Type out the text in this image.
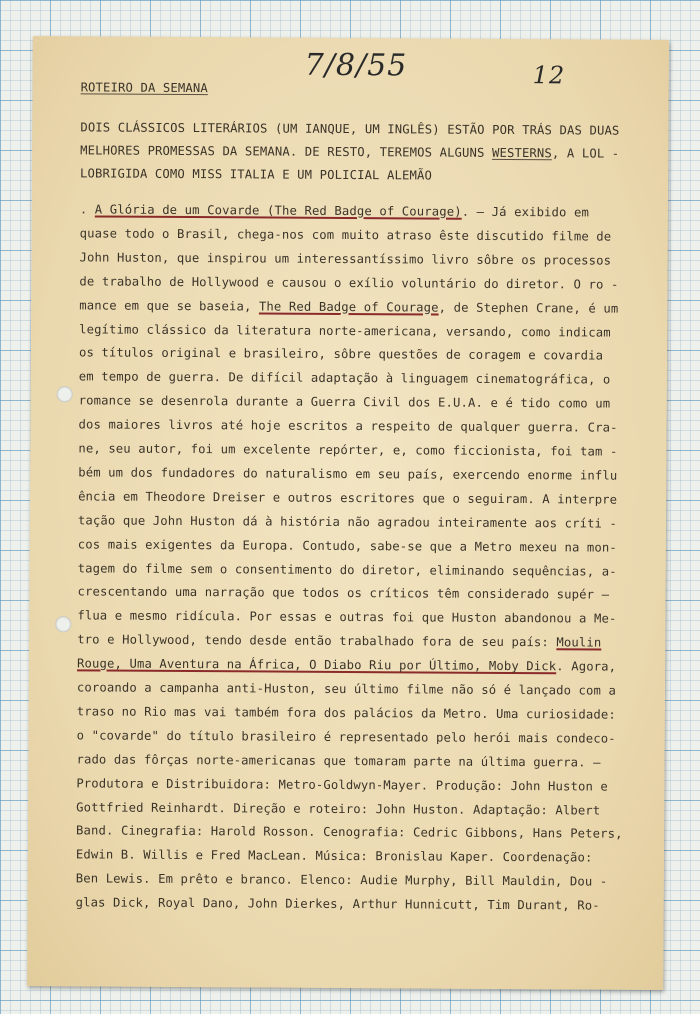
7/8/55	12
ROTEIRO DA SEMANA
DOIS CLÁSSICOS LITERÁRIOS (UM IANQUE, UM INGLÊS) ESTÃO POR TRÁS DAS DUAS
MELHORES PROMESSAS DA SEMANA. DE RESTO, TEREMOS ALGUNS WESTERNS, A LOL -
LOBRIGIDA COMO MISS ITALIA E UM POLICIAL ALEMÃO
. A Glória de um Covarde (The Red Badge of Courage). — Já exibido em
quase todo o Brasil, chega-nos com muito atraso êste discutido filme de
John Huston, que inspirou um interessantíssimo livro sôbre os processos
de trabalho de Hollywood e causou o exílio voluntário do diretor. O ro -
mance em que se baseia, The Red Badge of Courage, de Stephen Crane, é um
legítimo clássico da literatura norte-americana, versando, como indicam
os títulos original e brasileiro, sôbre questões de coragem e covardia
em tempo de guerra. De difícil adaptação à linguagem cinematográfica, o
romance se desenrola durante a Guerra Civil dos E.U.A. e é tido como um
dos maiores livros até hoje escritos a respeito de qualquer guerra. Cra-
ne, seu autor, foi um excelente repórter, e, como ficcionista, foi tam -
bém um dos fundadores do naturalismo em seu país, exercendo enorme influ
ência em Theodore Dreiser e outros escritores que o seguiram. A interpre
tação que John Huston dá à história não agradou inteiramente aos críti -
cos mais exigentes da Europa. Contudo, sabe-se que a Metro mexeu na mon-
tagem do filme sem o consentimento do diretor, eliminando sequências, a-
crescentando uma narração que todos os críticos têm considerado supér —
flua e mesmo ridícula. Por essas e outras foi que Huston abandonou a Me-
tro e Hollywood, tendo desde então trabalhado fora de seu país: Moulin
Rouge, Uma Aventura na África, O Diabo Riu por Último, Moby Dick. Agora,
coroando a campanha anti-Huston, seu último filme não só é lançado com a
traso no Rio mas vai também fora dos palácios da Metro. Uma curiosidade:
o "covarde" do título brasileiro é representado pelo herói mais condeco-
rado das fôrças norte-americanas que tomaram parte na última guerra. —
Produtora e Distribuidora: Metro-Goldwyn-Mayer. Produção: John Huston e
Gottfried Reinhardt. Direção e roteiro: John Huston. Adaptação: Albert
Band. Cinegrafia: Harold Rosson. Cenografia: Cedric Gibbons, Hans Peters,
Edwin B. Willis e Fred MacLean. Música: Bronislau Kaper. Coordenação:
Ben Lewis. Em prêto e branco. Elenco: Audie Murphy, Bill Mauldin, Dou -
glas Dick, Royal Dano, John Dierkes, Arthur Hunnicutt, Tim Durant, Ro-
